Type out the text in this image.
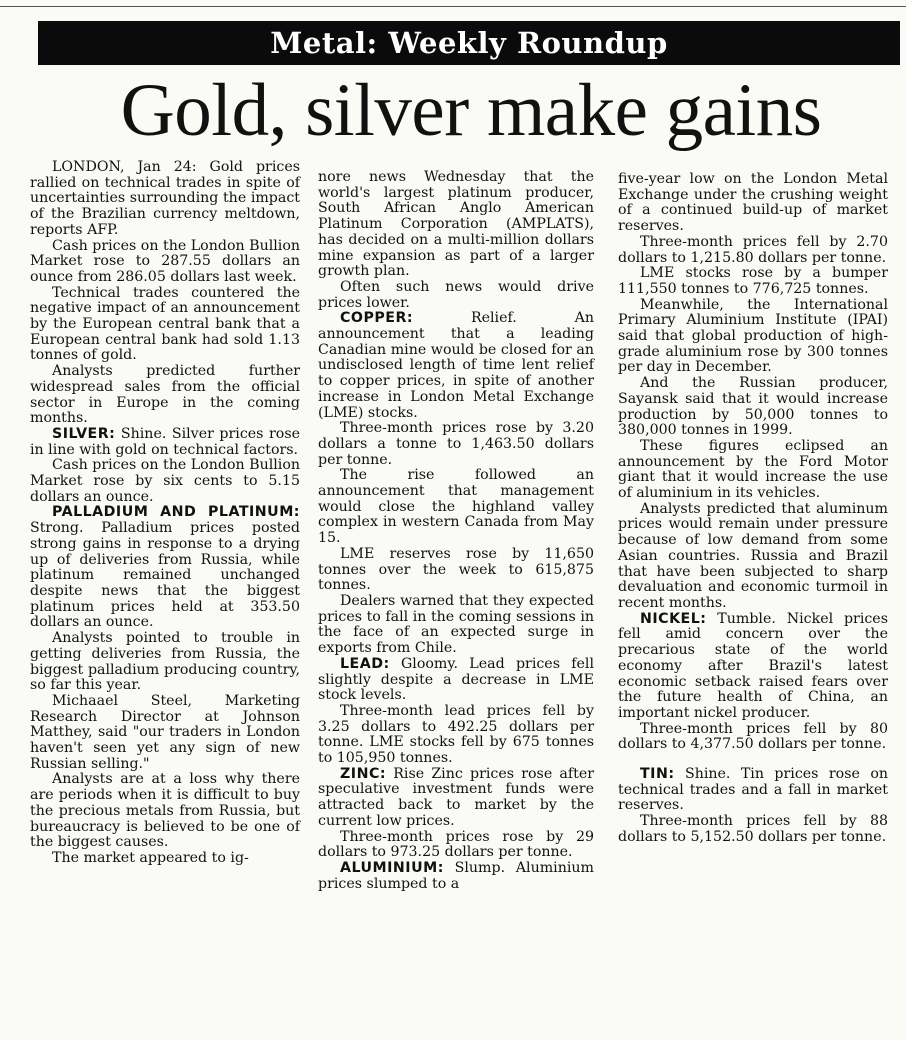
Metal: Weekly Roundup
Gold, silver make gains

LONDON, Jan 24: Gold prices rallied on technical trades in spite of uncertainties surrounding the impact of the Brazilian currency meltdown, reports AFP.

Cash prices on the London Bullion Market rose to 287.55 dollars an ounce from 286.05 dollars last week.

Technical trades countered the negative impact of an announcement by the European central bank that a European central bank had sold 1.13 tonnes of gold.

Analysts predicted further widespread sales from the official sector in Europe in the coming months.

SILVER: Shine. Silver prices rose in line with gold on technical factors.

Cash prices on the London Bullion Market rose by six cents to 5.15 dollars an ounce.

PALLADIUM AND PLATINUM: Strong. Palladium prices posted strong gains in response to a drying up of deliveries from Russia, while platinum remained unchanged despite news that the biggest platinum prices held at 353.50 dollars an ounce.

Analysts pointed to trouble in getting deliveries from Russia, the biggest palladium producing country, so far this year.

Michaael Steel, Marketing Research Director at Johnson Matthey, said "our traders in London haven't seen yet any sign of new Russian selling."

Analysts are at a loss why there are periods when it is difficult to buy the precious metals from Russia, but bureaucracy is believed to be one of the biggest causes.

The market appeared to ig-

nore news Wednesday that the world's largest platinum producer, South African Anglo American Platinum Corporation (AMPLATS), has decided on a multi-million dollars mine expansion as part of a larger growth plan.

Often such news would drive prices lower.

COPPER:	Relief. An announcement that a leading Canadian mine would be closed for an undisclosed length of time lent relief to copper prices, in spite of another increase in London Metal Exchange (LME) stocks.

Three-month prices rose by 3.20 dollars a tonne to 1,463.50 dollars per tonne.

The rise followed an announcement that management would close the highland valley complex in western Canada from May 15.

LME reserves rose by 11,650 tonnes over the week to 615,875 tonnes.

Dealers warned that they expected prices to fall in the coming sessions in the face of an expected surge in exports from Chile.

LEAD: Gloomy. Lead prices fell slightly despite a decrease in LME stock levels.

Three-month lead prices fell by 3.25 dollars to 492.25 dollars per tonne. LME stocks fell by 675 tonnes to 105,950 tonnes.

ZINC: Rise Zinc prices rose after speculative investment funds were attracted back to market by the current low prices.

Three-month prices rose by 29 dollars to 973.25 dollars per tonne.

ALUMINIUM: Slump. Aluminium prices slumped to a

five-year low on the London Metal Exchange under the crushing weight of a continued build-up of market reserves.

Three-month prices fell by 2.70 dollars to 1,215.80 dollars per tonne.

LME stocks rose by a bumper 111,550 tonnes to 776,725 tonnes.

Meanwhile, the International Primary Aluminium Institute (IPAI) said that global production of high-grade aluminium rose by 300 tonnes per day in December.

And the Russian producer, Sayansk said that it would increase production by 50,000 tonnes to 380,000 tonnes in 1999.

These figures eclipsed an announcement by the Ford Motor giant that it would increase the use of aluminium in its vehicles.

Analysts predicted that aluminum prices would remain under pressure because of low demand from some Asian countries. Russia and Brazil that have been subjected to sharp devaluation and economic turmoil in recent months.

NICKEL: Tumble. Nickel prices fell amid concern over the precarious state of the world economy after Brazil's latest economic setback raised fears over the future health of China, an important nickel producer.

Three-month prices fell by 80 dollars to 4,377.50 dollars per tonne.

TIN: Shine. Tin prices rose on technical trades and a fall in market reserves.

Three-month prices fell by 88 dollars to 5,152.50 dollars per tonne.
